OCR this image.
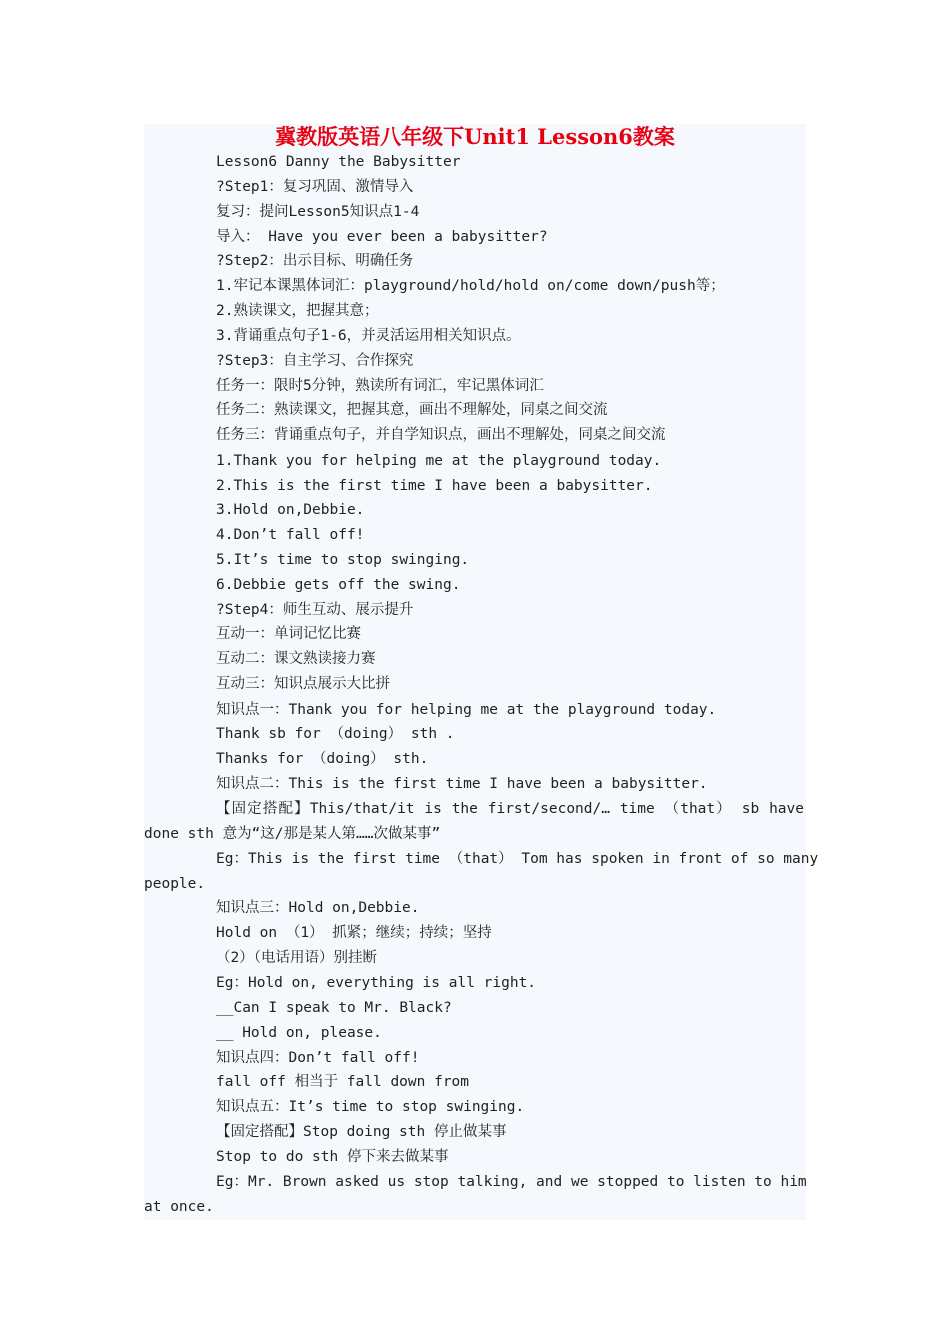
冀教版英语八年级下Unit1 Lesson6教案
Lesson6 Danny the Babysitter
?Step1：复习巩固、激情导入
复习：提问Lesson5知识点1-4
导入： Have you ever been a babysitter?
?Step2：出示目标、明确任务
1.牢记本课黑体词汇：playground/hold/hold on/come down/push等；
2.熟读课文，把握其意；
3.背诵重点句子1-6，并灵活运用相关知识点。
?Step3：自主学习、合作探究
任务一：限时5分钟，熟读所有词汇，牢记黑体词汇
任务二：熟读课文，把握其意，画出不理解处，同桌之间交流
任务三：背诵重点句子，并自学知识点，画出不理解处，同桌之间交流
1.Thank you for helping me at the playground today.
2.This is the first time I have been a babysitter.
3.Hold on,Debbie.
4.Don’t fall off!
5.It’s time to stop swinging.
6.Debbie gets off the swing.
?Step4：师生互动、展示提升
互动一：单词记忆比赛
互动二：课文熟读接力赛
互动三：知识点展示大比拼
知识点一：Thank you for helping me at the playground today.
Thank sb for （doing） sth .
Thanks for （doing） sth.
知识点二：This is the first time I have been a babysitter.
【固定搭配】This/that/it is the first/second/… time （that） sb have
done sth 意为“这/那是某人第……次做某事”
Eg：This is the first time （that） Tom has spoken in front of so many
people.
知识点三：Hold on,Debbie.
Hold on （1） 抓紧；继续；持续；坚持
（2）（电话用语）别挂断
Eg：Hold on, everything is all right.
__Can I speak to Mr. Black?
__ Hold on, please.
知识点四：Don’t fall off!
fall off 相当于 fall down from
知识点五：It’s time to stop swinging.
【固定搭配】Stop doing sth 停止做某事
Stop to do sth 停下来去做某事
Eg：Mr. Brown asked us stop talking, and we stopped to listen to him
at once.
